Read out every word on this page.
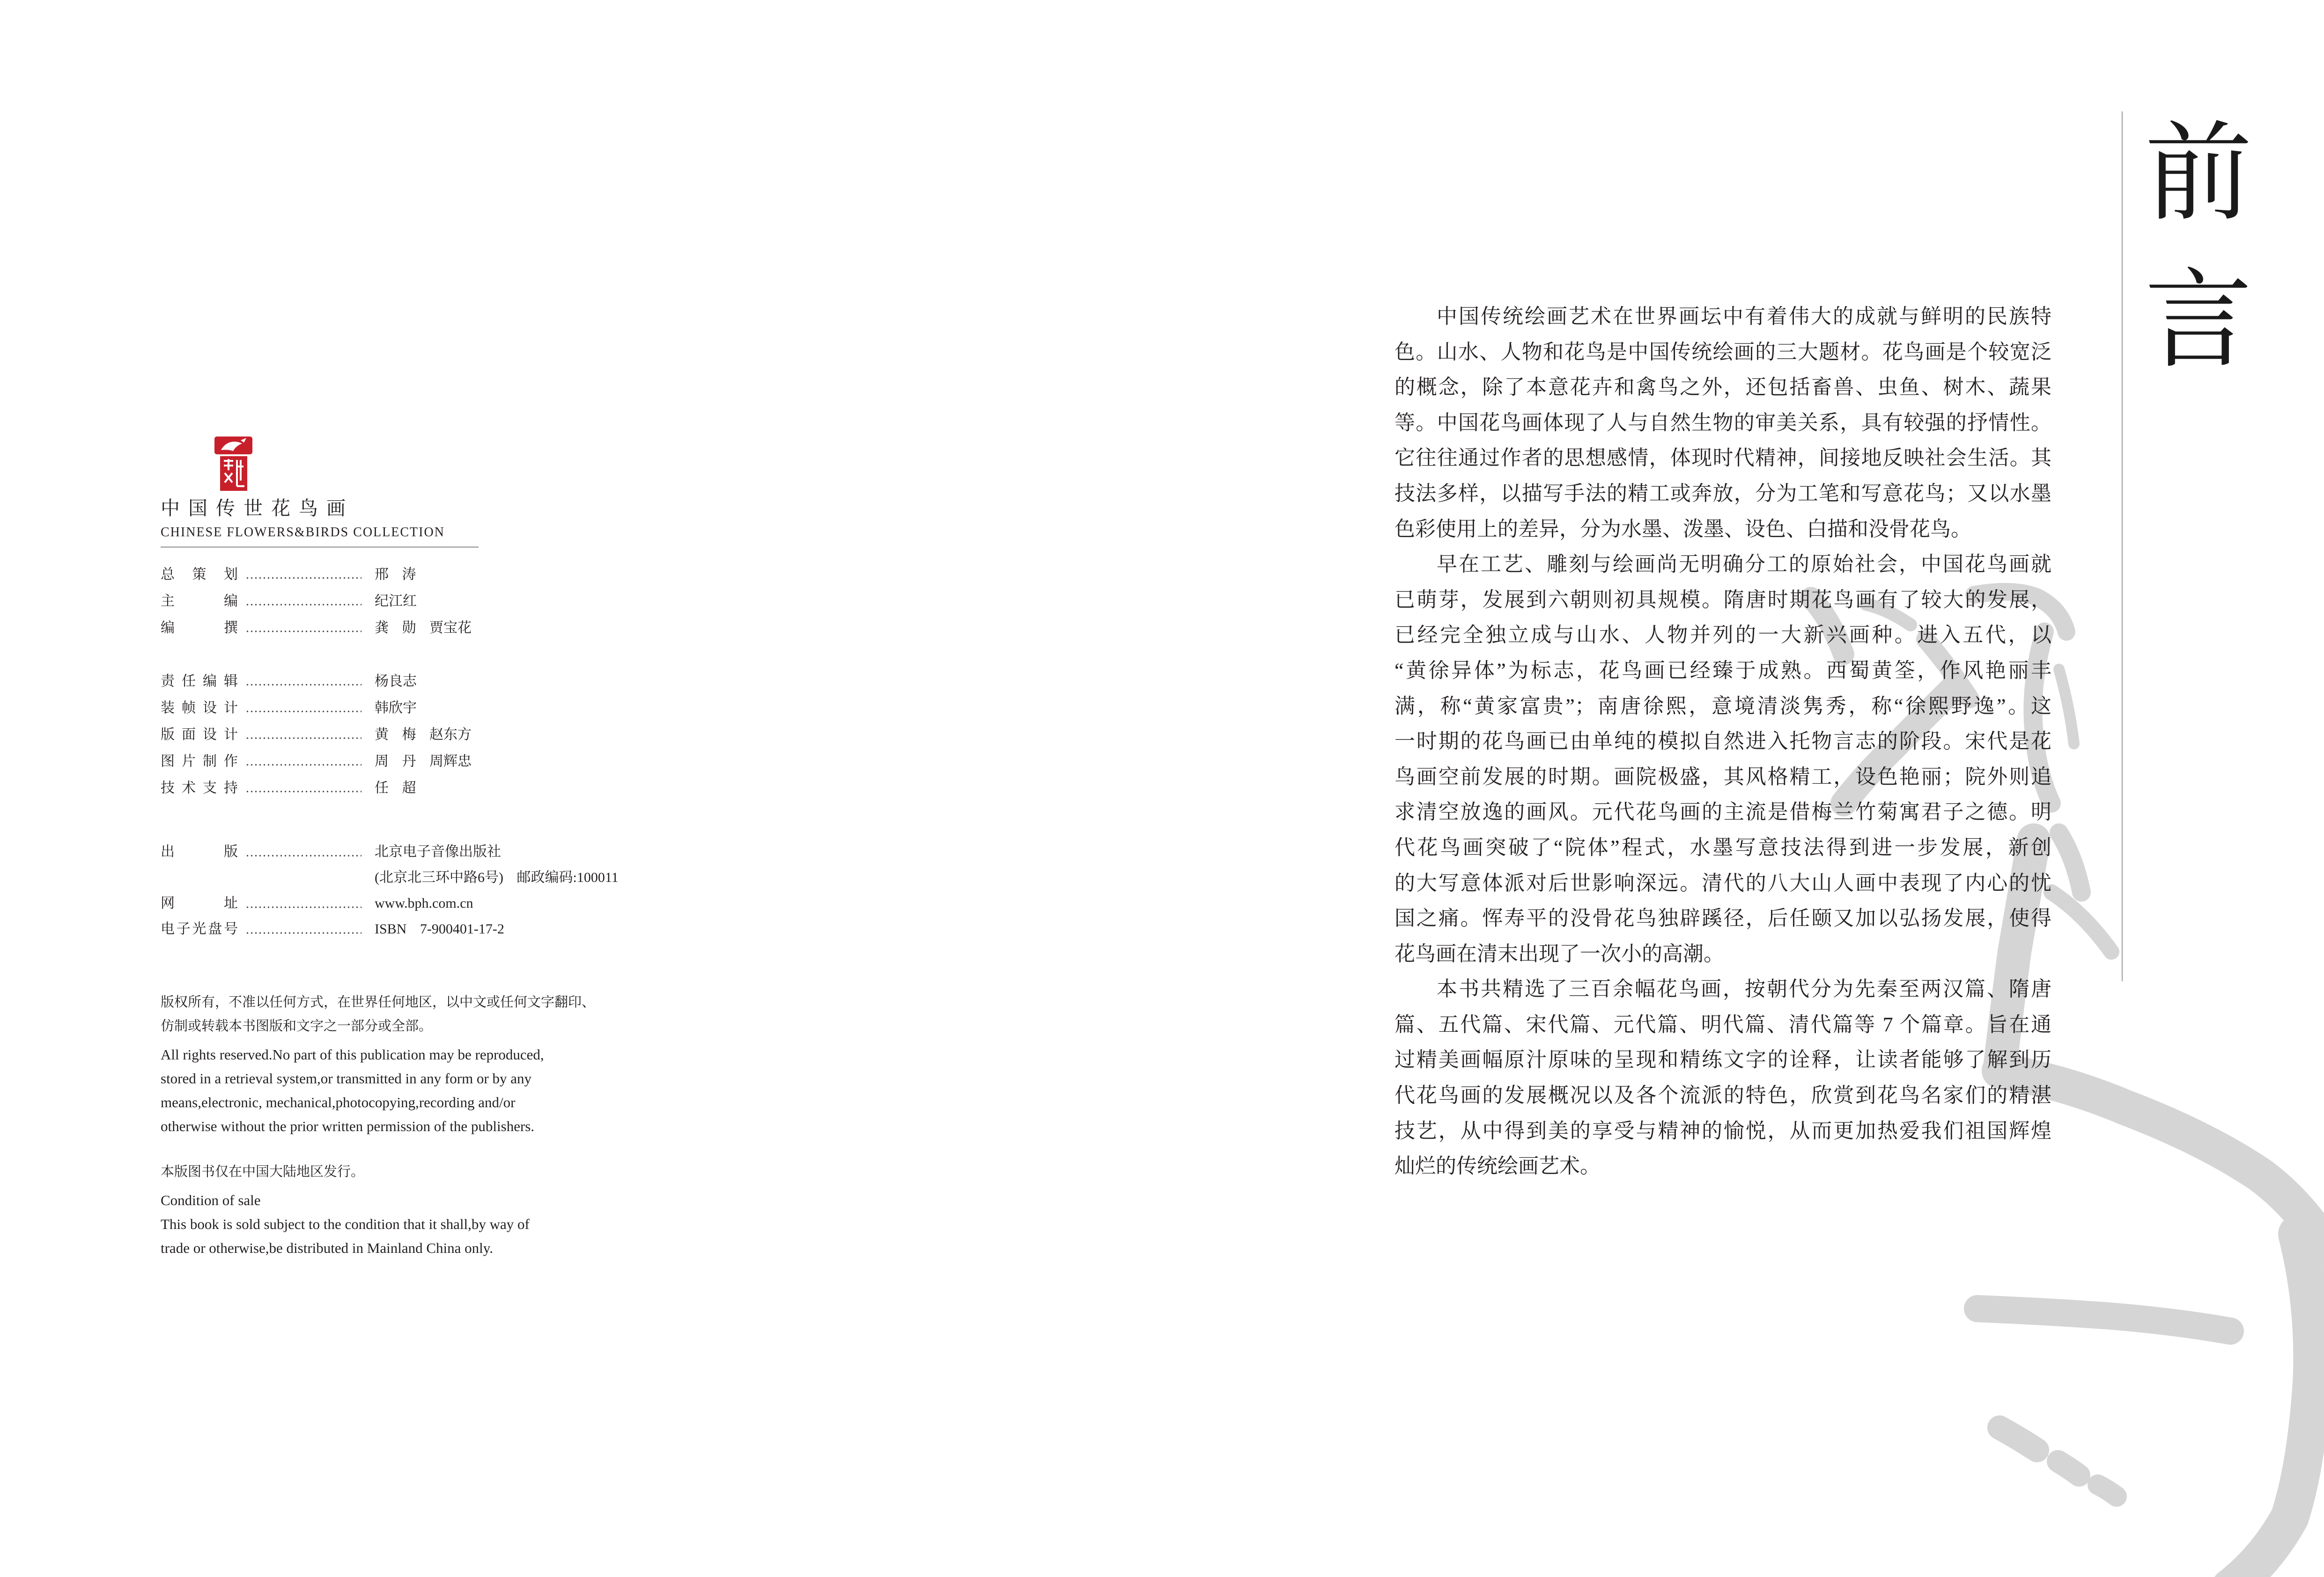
中国传世花鸟画
CHINESE FLOWERS&BIRDS COLLECTION
总 策 划	邢 涛
主 编	纪江红
编 撰	龚 勋 贾宝花
责任编辑	杨良志
装帧设计	韩欣宇
版面设计	黄 梅 赵东方
图片制作	周 丹 周辉忠
技术支持	任 超
出 版	北京电子音像出版社
(北京北三环中路6号) 邮政编码:100011
网 址	www.bph.com.cn
电子光盘号	ISBN 7-900401-17-2
版权所有，不准以任何方式，在世界任何地区，以中文或任何文字翻印、
仿制或转载本书图版和文字之一部分或全部。
All rights reserved.No part of this publication may be reproduced,
stored in a retrieval system,or transmitted in any form or by any
means,electronic, mechanical,photocopying,recording and/or
otherwise without the prior written permission of the publishers.
本版图书仅在中国大陆地区发行。
Condition of sale
This book is sold subject to the condition that it shall,by way of
trade or otherwise,be distributed in Mainland China only.
前言
中国传统绘画艺术在世界画坛中有着伟大的成就与鲜明的民族特
色。山水、人物和花鸟是中国传统绘画的三大题材。花鸟画是个较宽泛
的概念，除了本意花卉和禽鸟之外，还包括畜兽、虫鱼、树木、蔬果
等。中国花鸟画体现了人与自然生物的审美关系，具有较强的抒情性。
它往往通过作者的思想感情，体现时代精神，间接地反映社会生活。其
技法多样，以描写手法的精工或奔放，分为工笔和写意花鸟；又以水墨
色彩使用上的差异，分为水墨、泼墨、设色、白描和没骨花鸟。
早在工艺、雕刻与绘画尚无明确分工的原始社会，中国花鸟画就
已萌芽，发展到六朝则初具规模。隋唐时期花鸟画有了较大的发展，
已经完全独立成与山水、人物并列的一大新兴画种。进入五代，以
“黄徐异体”为标志，花鸟画已经臻于成熟。西蜀黄筌，作风艳丽丰
满，称“黄家富贵”；南唐徐熙，意境清淡隽秀，称“徐熙野逸”。这
一时期的花鸟画已由单纯的模拟自然进入托物言志的阶段。宋代是花
鸟画空前发展的时期。画院极盛，其风格精工，设色艳丽；院外则追
求清空放逸的画风。元代花鸟画的主流是借梅兰竹菊寓君子之德。明
代花鸟画突破了“院体”程式，水墨写意技法得到进一步发展，新创
的大写意体派对后世影响深远。清代的八大山人画中表现了内心的忧
国之痛。恽寿平的没骨花鸟独辟蹊径，后任颐又加以弘扬发展，使得
花鸟画在清末出现了一次小的高潮。
本书共精选了三百余幅花鸟画，按朝代分为先秦至两汉篇、隋唐
篇、五代篇、宋代篇、元代篇、明代篇、清代篇等 7 个篇章。旨在通
过精美画幅原汁原味的呈现和精练文字的诠释，让读者能够了解到历
代花鸟画的发展概况以及各个流派的特色，欣赏到花鸟名家们的精湛
技艺，从中得到美的享受与精神的愉悦，从而更加热爱我们祖国辉煌
灿烂的传统绘画艺术。
